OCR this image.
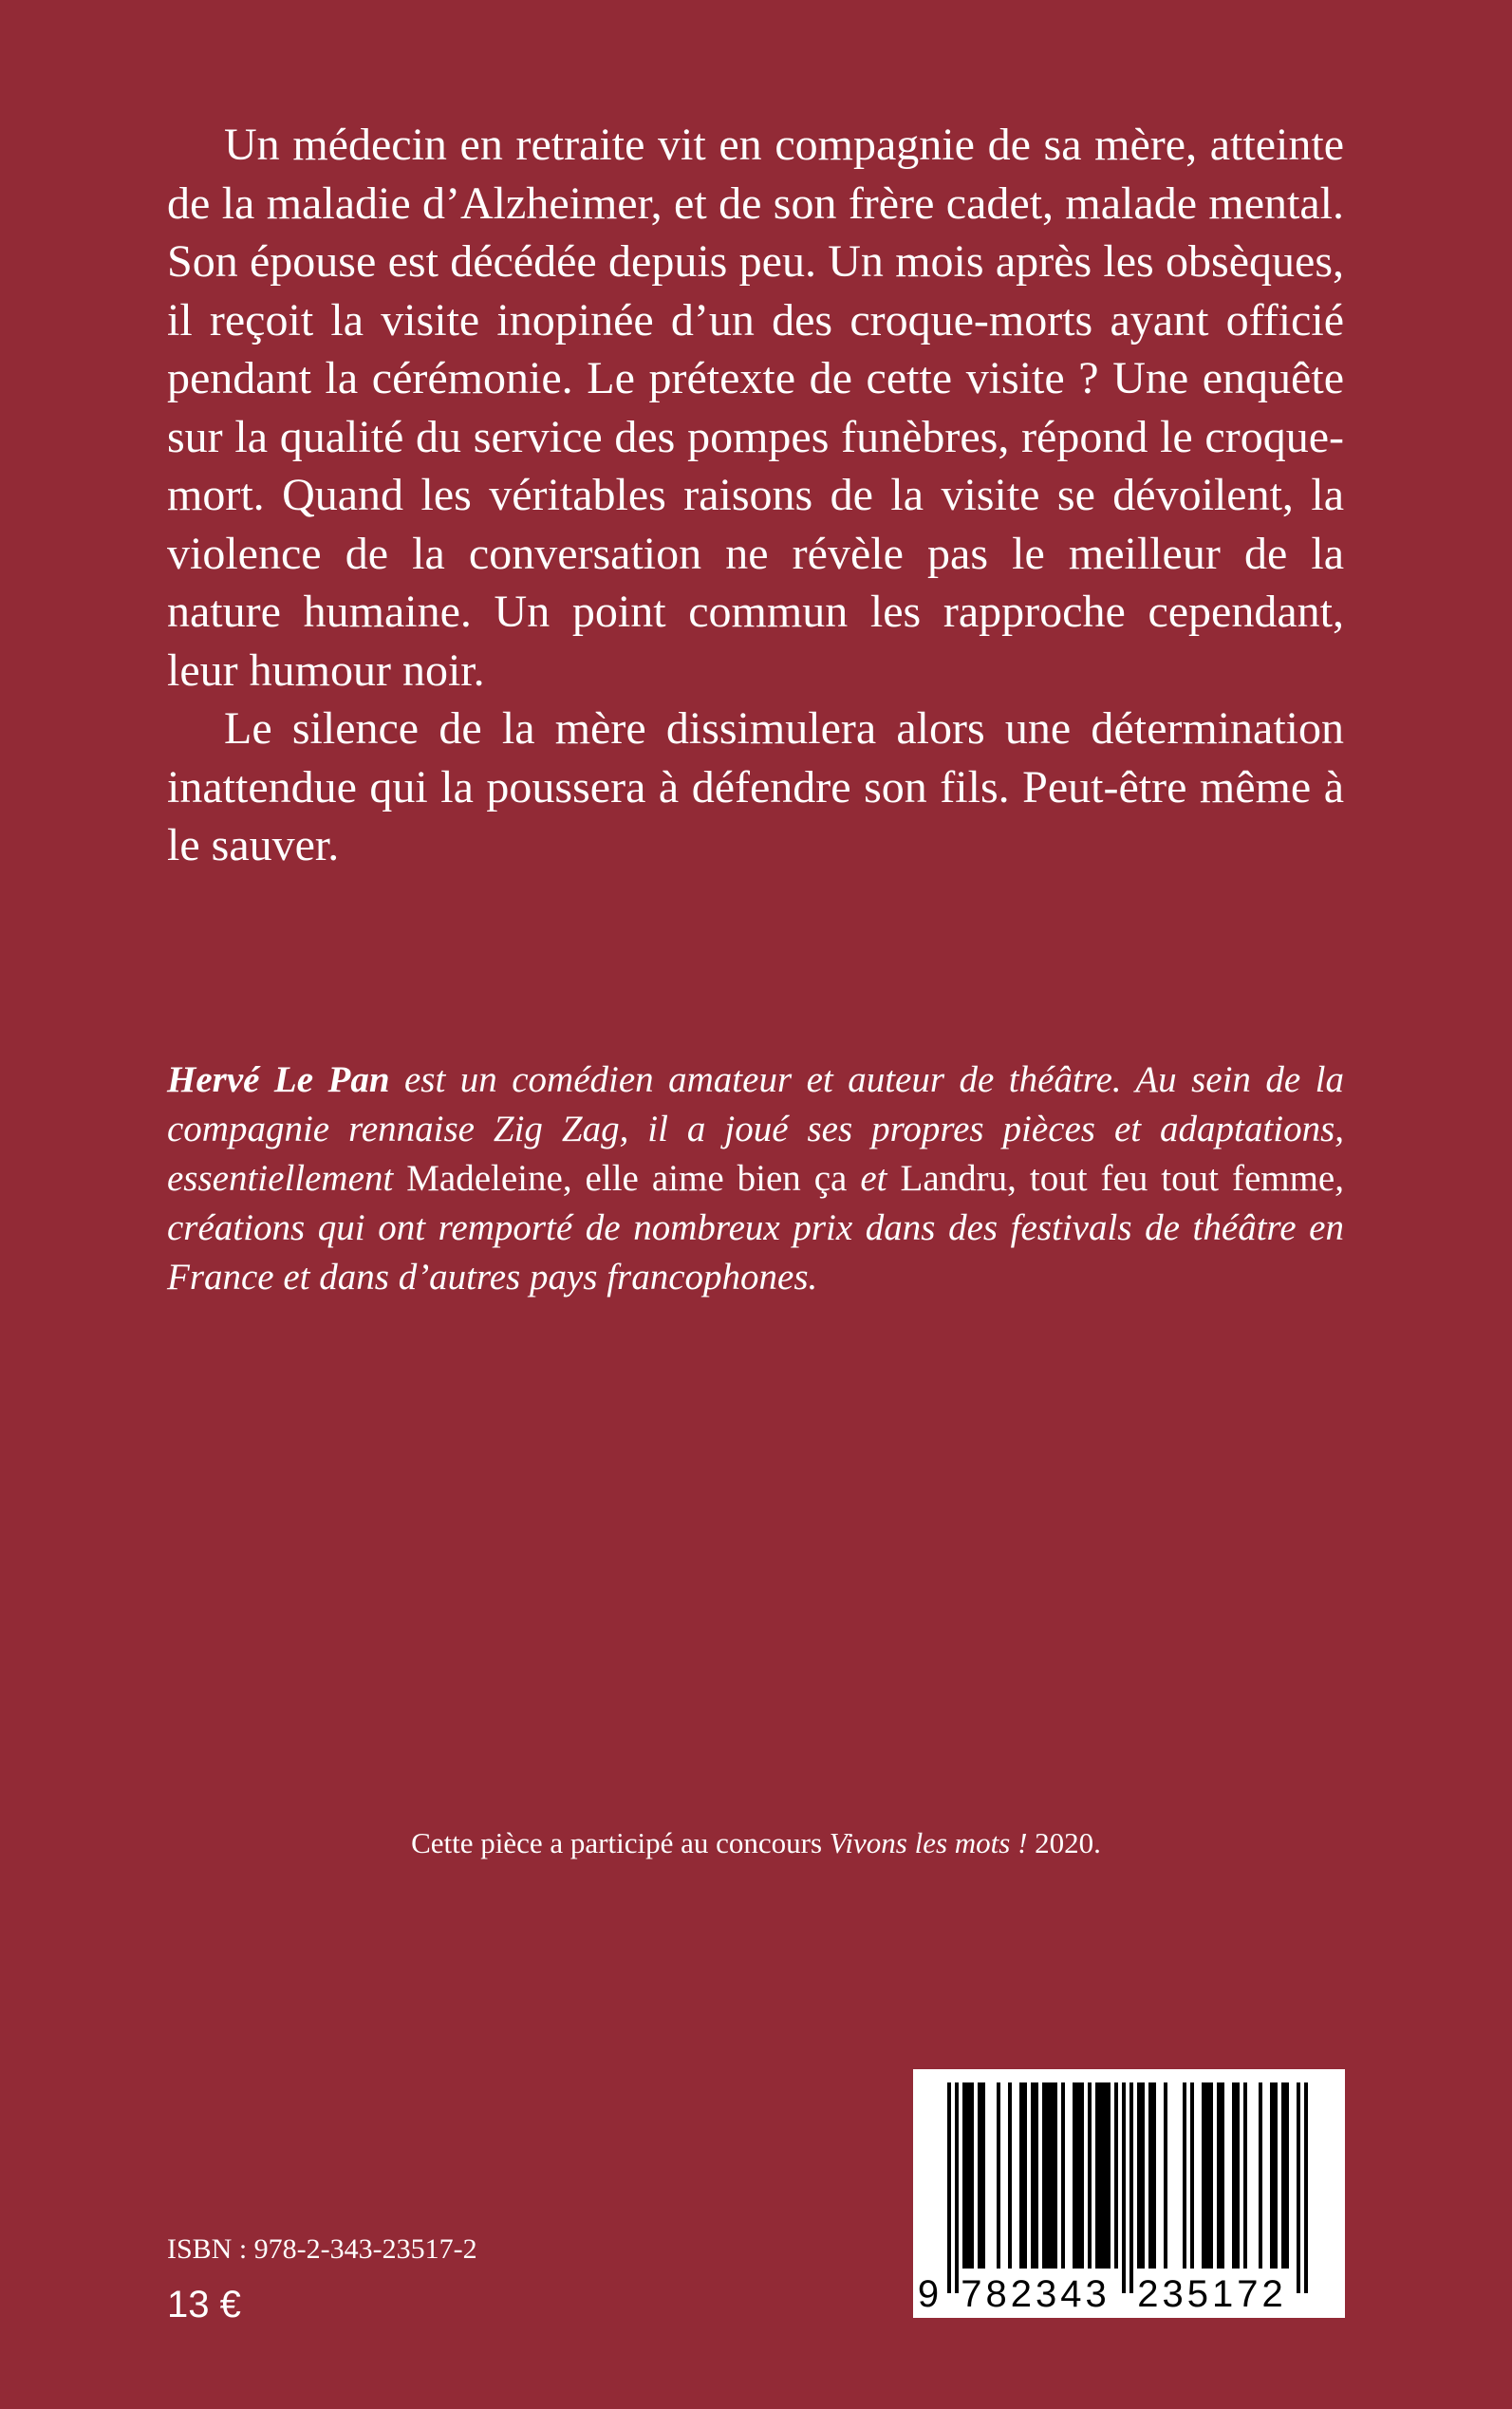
Un médecin en retraite vit en compagnie de sa mère, atteinte de la maladie d’Alzheimer, et de son frère cadet, malade mental. Son épouse est décédée depuis peu. Un mois après les obsèques, il reçoit la visite inopinée d’un des croque-morts ayant officié pendant la cérémonie. Le prétexte de cette visite ? Une enquête sur la qualité du service des pompes funèbres, répond le croque-mort. Quand les véritables raisons de la visite se dévoilent, la violence de la conversation ne révèle pas le meilleur de la nature humaine. Un point commun les rapproche cependant, leur humour noir.

Le silence de la mère dissimulera alors une détermination inattendue qui la poussera à défendre son fils. Peut-être même à le sauver.

Hervé Le Pan est un comédien amateur et auteur de théâtre. Au sein de la compagnie rennaise Zig Zag, il a joué ses propres pièces et adaptations, essentiellement Madeleine, elle aime bien ça et Landru, tout feu tout femme, créations qui ont remporté de nombreux prix dans des festivals de théâtre en France et dans d’autres pays francophones.

Cette pièce a participé au concours Vivons les mots ! 2020.
ISBN : 978-2-343-23517-2
13 €	9 782343 235172
